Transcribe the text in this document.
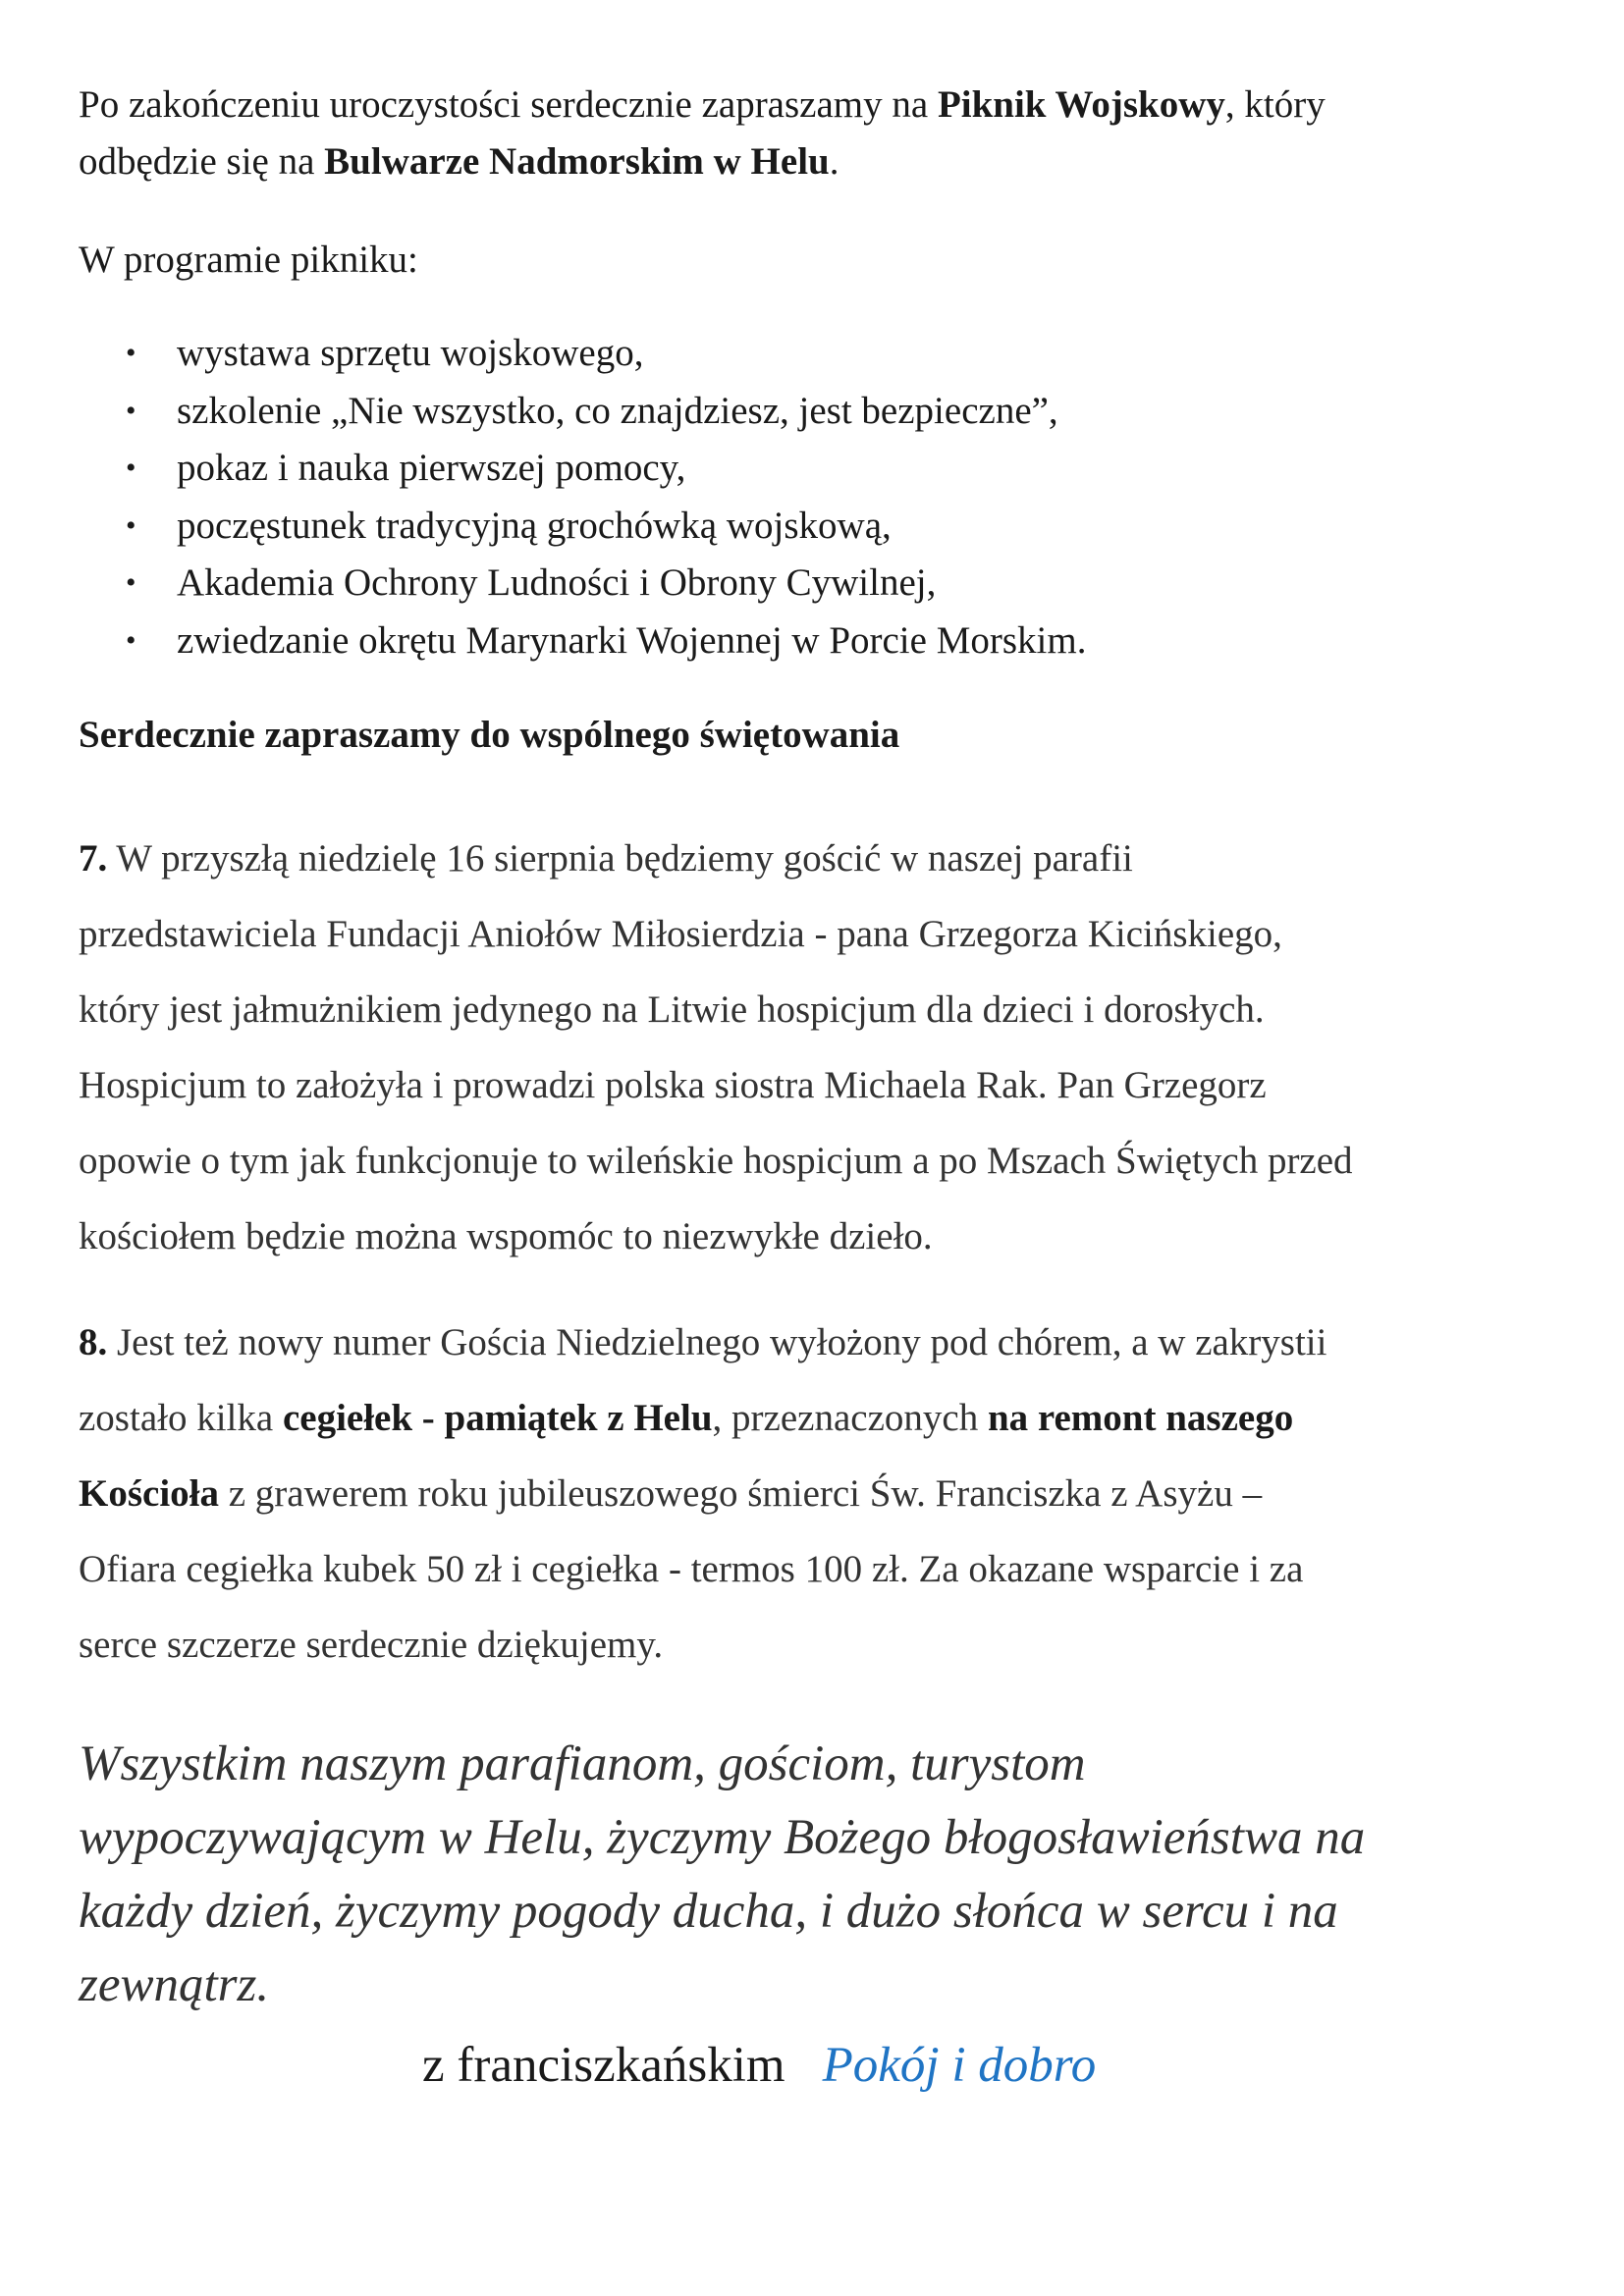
Po zakończeniu uroczystości serdecznie zapraszamy na Piknik Wojskowy, który
odbędzie się na Bulwarze Nadmorskim w Helu.
W programie pikniku:
• wystawa sprzętu wojskowego,
• szkolenie „Nie wszystko, co znajdziesz, jest bezpieczne”,
• pokaz i nauka pierwszej pomocy,
• poczęstunek tradycyjną grochówką wojskową,
• Akademia Ochrony Ludności i Obrony Cywilnej,
• zwiedzanie okrętu Marynarki Wojennej w Porcie Morskim.
Serdecznie zapraszamy do wspólnego świętowania
7. W przyszłą niedzielę 16 sierpnia będziemy gościć w naszej parafii
przedstawiciela Fundacji Aniołów Miłosierdzia - pana Grzegorza Kicińskiego,
który jest jałmużnikiem jedynego na Litwie hospicjum dla dzieci i dorosłych.
Hospicjum to założyła i prowadzi polska siostra Michaela Rak. Pan Grzegorz
opowie o tym jak funkcjonuje to wileńskie hospicjum a po Mszach Świętych przed
kościołem będzie można wspomóc to niezwykłe dzieło.
8. Jest też nowy numer Gościa Niedzielnego wyłożony pod chórem, a w zakrystii
zostało kilka cegiełek - pamiątek z Helu, przeznaczonych na remont naszego
Kościoła z grawerem roku jubileuszowego śmierci Św. Franciszka z Asyżu –
Ofiara cegiełka kubek 50 zł i cegiełka - termos 100 zł. Za okazane wsparcie i za
serce szczerze serdecznie dziękujemy.
Wszystkim naszym parafianom, gościom, turystom
wypoczywającym w Helu, życzymy Bożego błogosławieństwa na
każdy dzień, życzymy pogody ducha, i dużo słońca w sercu i na
zewnątrz.
z franciszkańskim Pokój i dobro
